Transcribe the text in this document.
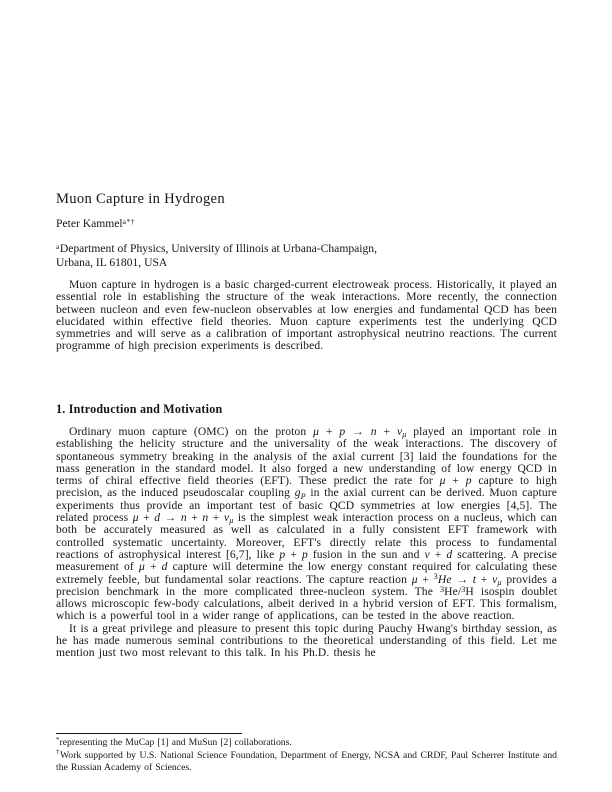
Muon Capture in Hydrogen
Peter Kammel$^{a*\dagger}$
$^a$Department of Physics, University of Illinois at Urbana-Champaign,
Urbana, IL 61801, USA

Muon capture in hydrogen is a basic charged-current electroweak process. Historically, it played an essential role in establishing the structure of the weak interactions. More recently, the connection between nucleon and even few-nucleon observables at low energies and fundamental QCD has been elucidated within effective field theories. Muon capture experiments test the underlying QCD symmetries and will serve as a calibration of important astrophysical neutrino reactions. The current programme of high precision experiments is described.

1. Introduction and Motivation

Ordinary muon capture (OMC) on the proton μ + p → n + νμ played an important role in establishing the helicity structure and the universality of the weak interactions. The discovery of spontaneous symmetry breaking in the analysis of the axial current [3] laid the foundations for the mass generation in the standard model. It also forged a new understanding of low energy QCD in terms of chiral effective field theories (EFT). These predict the rate for μ + p capture to high precision, as the induced pseudoscalar coupling gP in the axial current can be derived. Muon capture experiments thus provide an important test of basic QCD symmetries at low energies [4,5]. The related process μ + d → n + n + νμ is the simplest weak interaction process on a nucleus, which can both be accurately measured as well as calculated in a fully consistent EFT framework with controlled systematic uncertainty. Moreover, EFT's directly relate this process to fundamental reactions of astrophysical interest [6,7], like p + p fusion in the sun and ν + d scattering. A precise measurement of μ + d capture will determine the low energy constant required for calculating these extremely feeble, but fundamental solar reactions. The capture reaction μ + $^3$He → t + νμ provides a precision benchmark in the more complicated three-nucleon system. The $^3$He/$^3$H isospin doublet allows microscopic few-body calculations, albeit derived in a hybrid version of EFT. This formalism, which is a powerful tool in a wider range of applications, can be tested in the above reaction.

It is a great privilege and pleasure to present this topic during Pauchy Hwang's birthday session, as he has made numerous seminal contributions to the theoretical understanding of this field. Let me mention just two most relevant to this talk. In his Ph.D. thesis he

*representing the MuCap [1] and MuSun [2] collaborations.

†Work supported by U.S. National Science Foundation, Department of Energy, NCSA and CRDF, Paul Scherrer Institute and the Russian Academy of Sciences.
